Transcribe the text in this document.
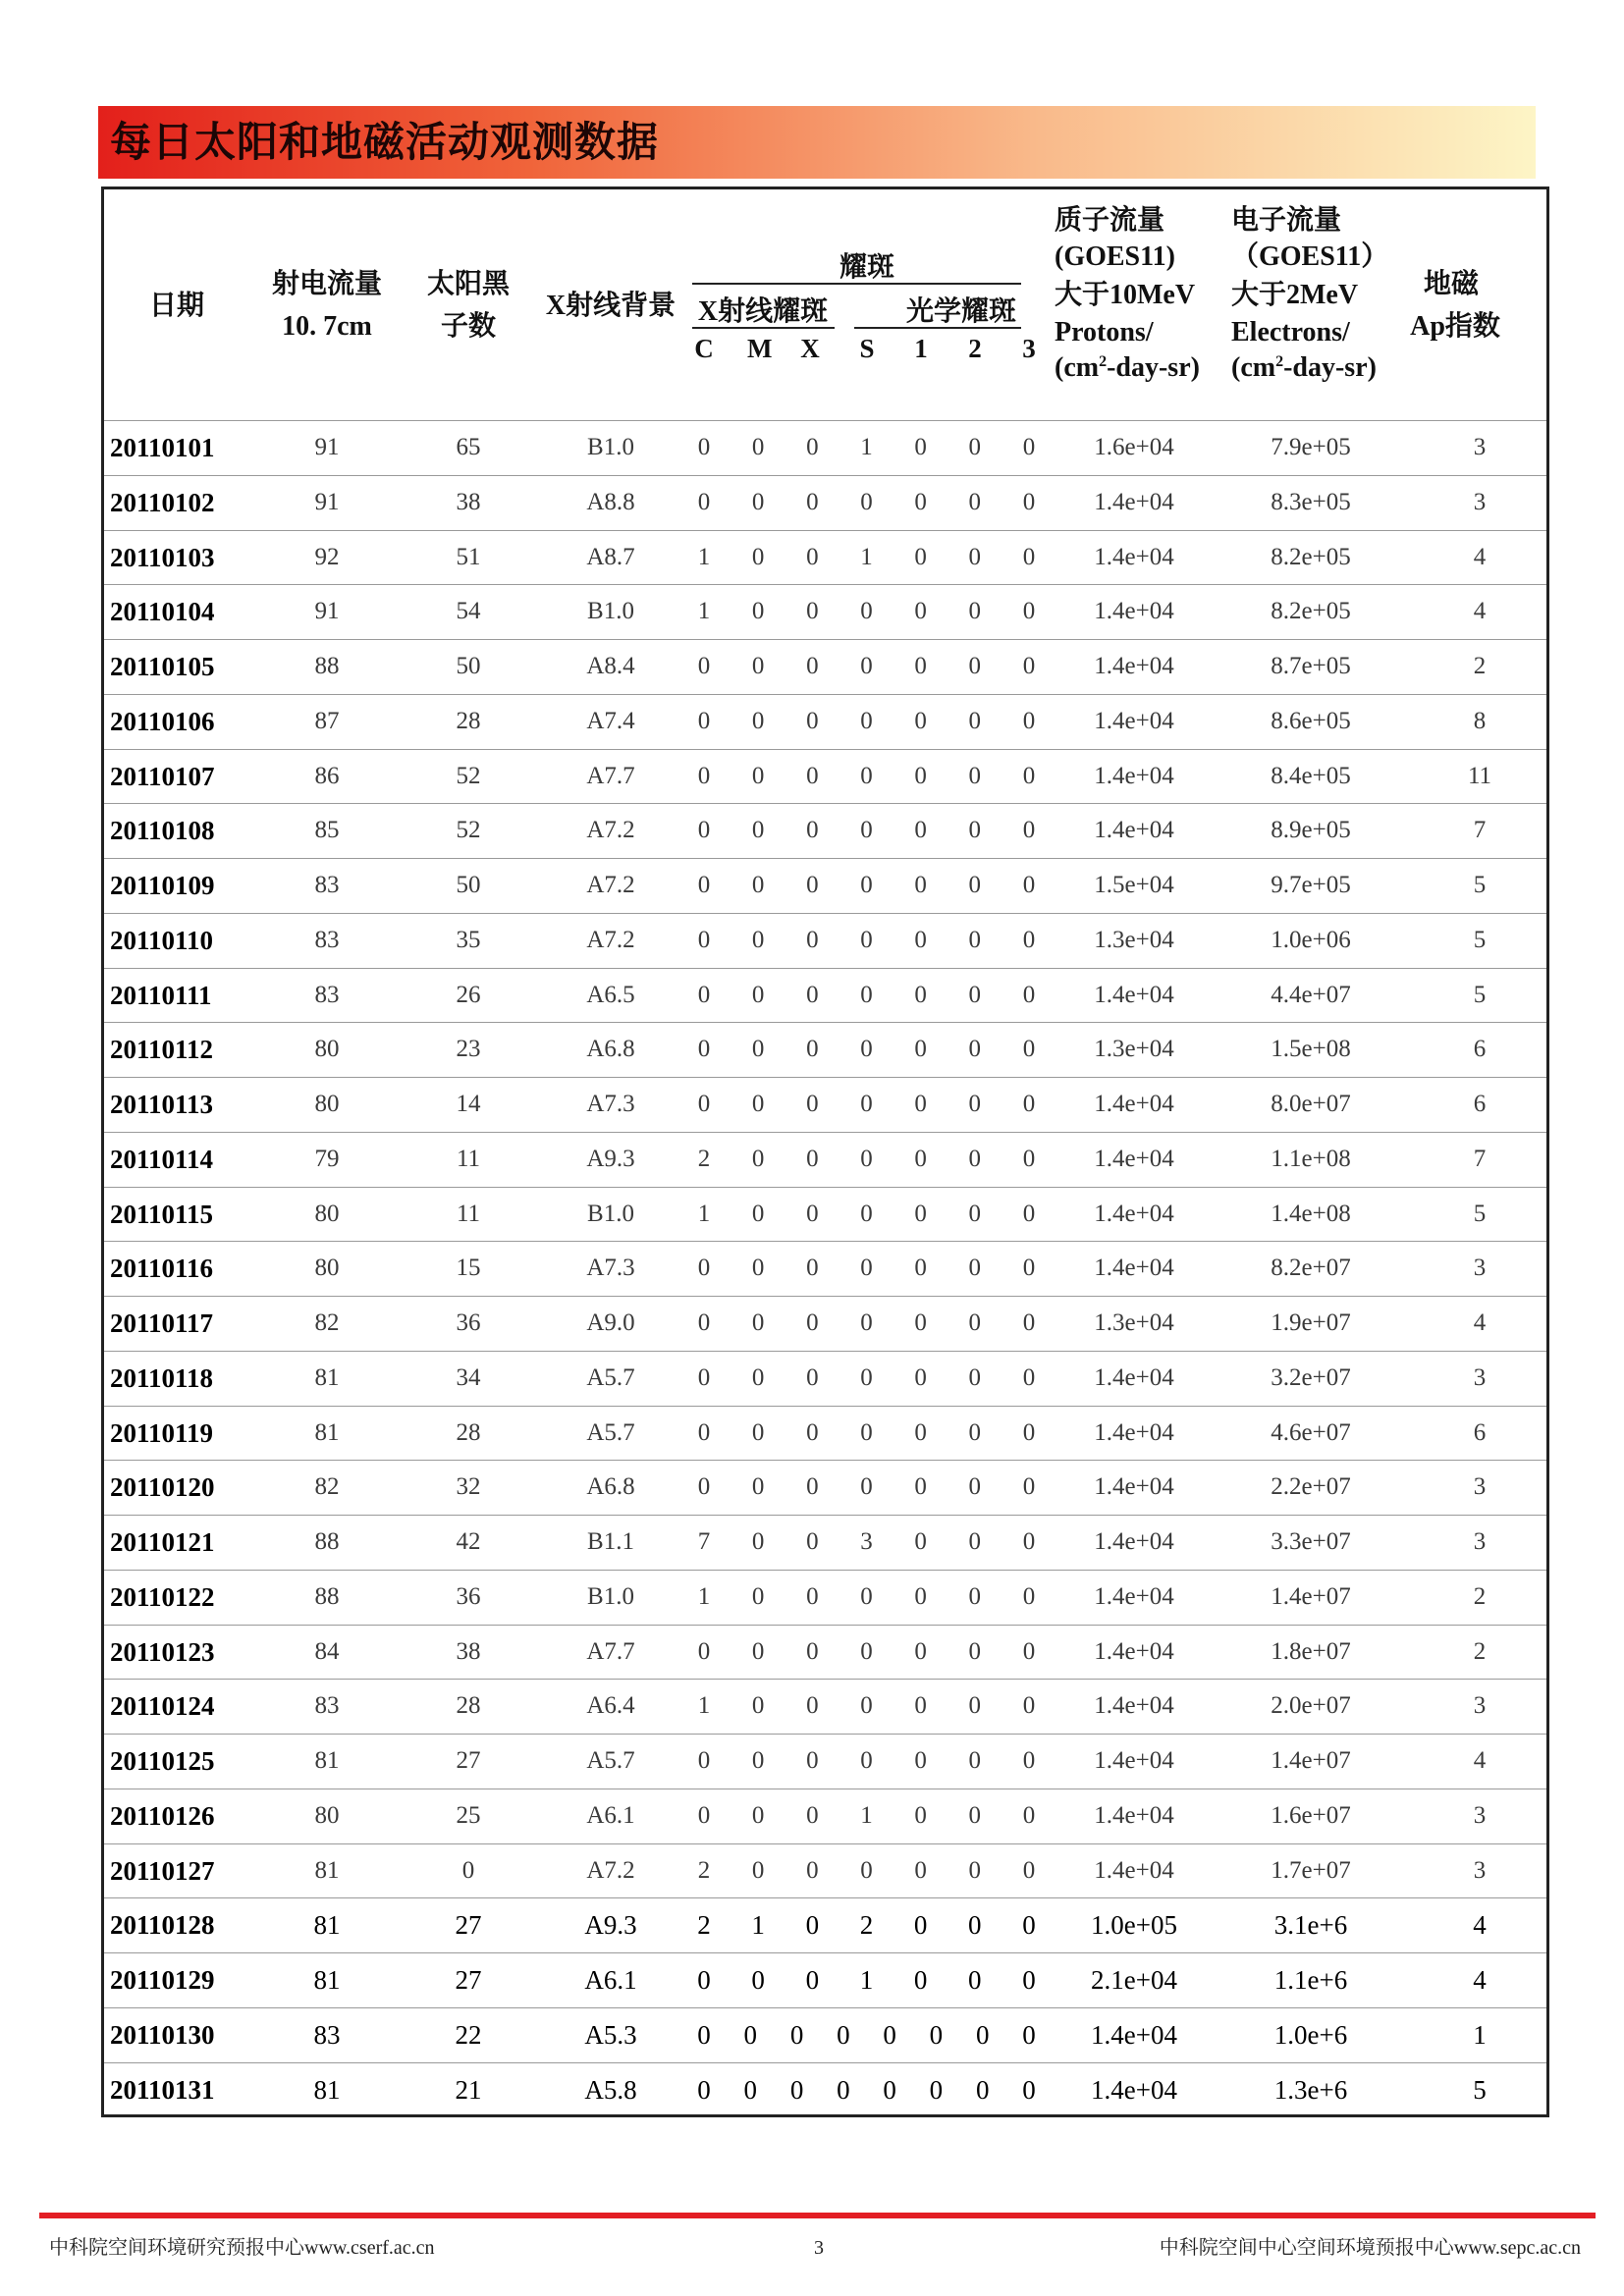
每日太阳和地磁活动观测数据
日期
射电流量
10. 7cm
太阳黑
子数
X射线背景
耀斑
X射线耀斑	光学耀斑
C M X S 1 2 3
质子流量
(GOES11)
大于10MeV
Protons/
$(cm^2-day-sr)$
电子流量
（GOES11）
大于2MeV
Electrons/
$(cm^2-day-sr)$
地磁
Ap指数
20110101	91	65	B1.0	0 0 0 1 0 0 0 1.6e+04	7.9e+05	3
20110102	91	38	A8.8	0 0 0 0 0 0 0 1.4e+04	8.3e+05	3
20110103	92	51	A8.7	1 0 0 1 0 0 0 1.4e+04	8.2e+05	4
20110104	91	54	B1.0	1 0 0 0 0 0 0 1.4e+04	8.2e+05	4
20110105	88	50	A8.4	0 0 0 0 0 0 0 1.4e+04	8.7e+05	2
20110106	87	28	A7.4	0 0 0 0 0 0 0 1.4e+04	8.6e+05	8
20110107	86	52	A7.7	0 0 0 0 0 0 0 1.4e+04	8.4e+05	11
20110108	85	52	A7.2	0 0 0 0 0 0 0 1.4e+04	8.9e+05	7
20110109	83	50	A7.2	0 0 0 0 0 0 0 1.5e+04	9.7e+05	5
20110110	83	35	A7.2	0 0 0 0 0 0 0 1.3e+04	1.0e+06	5
20110111	83	26	A6.5	0 0 0 0 0 0 0 1.4e+04	4.4e+07	5
20110112	80	23	A6.8	0 0 0 0 0 0 0 1.3e+04	1.5e+08	6
20110113	80	14	A7.3	0 0 0 0 0 0 0 1.4e+04	8.0e+07	6
20110114	79	11	A9.3	2 0 0 0 0 0 0 1.4e+04	1.1e+08	7
20110115	80	11	B1.0	1 0 0 0 0 0 0 1.4e+04	1.4e+08	5
20110116	80	15	A7.3	0 0 0 0 0 0 0 1.4e+04	8.2e+07	3
20110117	82	36	A9.0	0 0 0 0 0 0 0 1.3e+04	1.9e+07	4
20110118	81	34	A5.7	0 0 0 0 0 0 0 1.4e+04	3.2e+07	3
20110119	81	28	A5.7	0 0 0 0 0 0 0 1.4e+04	4.6e+07	6
20110120	82	32	A6.8	0 0 0 0 0 0 0 1.4e+04	2.2e+07	3
20110121	88	42	B1.1	7 0 0 3 0 0 0 1.4e+04	3.3e+07	3
20110122	88	36	B1.0	1 0 0 0 0 0 0 1.4e+04	1.4e+07	2
20110123	84	38	A7.7	0 0 0 0 0 0 0 1.4e+04	1.8e+07	2
20110124	83	28	A6.4	1 0 0 0 0 0 0 1.4e+04	2.0e+07	3
20110125	81	27	A5.7	0 0 0 0 0 0 0 1.4e+04	1.4e+07	4
20110126	80	25	A6.1	0 0 0 1 0 0 0 1.4e+04	1.6e+07	3
20110127	81	0	A7.2	2 0 0 0 0 0 0 1.4e+04	1.7e+07	3
20110128	81	27	A9.3 2 1 0 2 0 0 0 1.0e+05	3.1e+6	4
20110129	81	27	A6.1 0 0 0 1 0 0 0 2.1e+04	1.1e+6	4
20110130	83	22	A5.3 0 0 0 0 0 0 0 0 1.4e+04	1.0e+6	1
20110131	81	21	A5.8 0 0 0 0 0 0 0 0 1.4e+04	1.3e+6	5
中科院空间环境研究预报中心www.cserf.ac.cn	3	中科院空间中心空间环境预报中心www.sepc.ac.cn
